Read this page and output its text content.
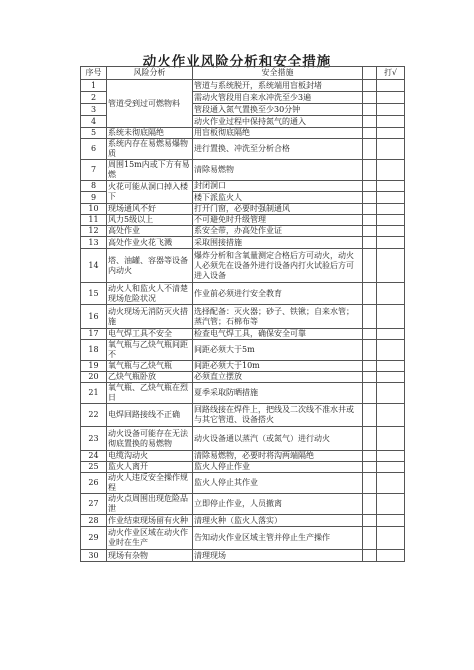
动火作业风险分析和安全措施
序号	风险分析	安全措施		打√
1	管道受到过可燃物料	管道与系统脱开，系统端用盲板封堵		
2		需动火管段用自来水冲洗至少3遍		
3		管段通入氮气置换至少30分钟		
4		动火作业过程中保持氮气的通入		
5	系统未彻底隔绝	用盲板彻底隔绝		
6	系统内存在易燃易爆物质	进行置换、冲洗至分析合格		
7	周围15m内或下方有易燃	清除易燃物		
8	火花可能从洞口掉入楼下	封闭洞口		
9		楼下派监火人		
10	现场通风不好	打开门窗，必要时强制通风		
11	风力5级以上	不可避免时升级管理		
12	高处作业	系安全带，办高处作业证		
13	高处作业火花飞溅	采取围接措施		
14	塔、油罐、容器等设备内动火	爆炸分析和含氧量测定合格后方可动火，动火人必须先在设备外进行设备内打火试验后方可进入设备		
15	动火人和监火人不清楚现场危险状况	作业前必须进行安全教育		
16	动火现场无消防灭火措施	选择配备：灭火器；砂子、铁锹；自来水管；蒸汽管；石棉布等		
17	电气焊工具不安全	检查电气焊工具，确保安全可靠		
18	氧气瓶与乙炔气瓶间距不	间距必须大于5m		
19	氧气瓶与乙炔气瓶	间距必须大于10m		
20	乙炔气瓶卧放	必须直立摆放		
21	氧气瓶、乙炔气瓶在烈日	夏季采取防晒措施		
22	电焊回路接线不正确	回路线接在焊件上，把线及二次线不准水井或与其它管道、设备搭火		
23	动火设备可能存在无法彻底置换的易燃物	动火设备通以蒸汽（或氮气）进行动火		
24	电缆沟动火	清除易燃物，必要时将沟两端隔绝		
25	监火人离开	监火人停止作业		
26	动火人违反安全操作规程	监火人停止其作业		
27	动火点周围出现危险品泄	立即停止作业，人员撤离		
28	作业结束现场留有火种	清理火种（监火人落实）		
29	动火作业区域在动火作业时在生产	告知动火作业区域主管并停止生产操作		
30	现场有杂物	清理现场		
